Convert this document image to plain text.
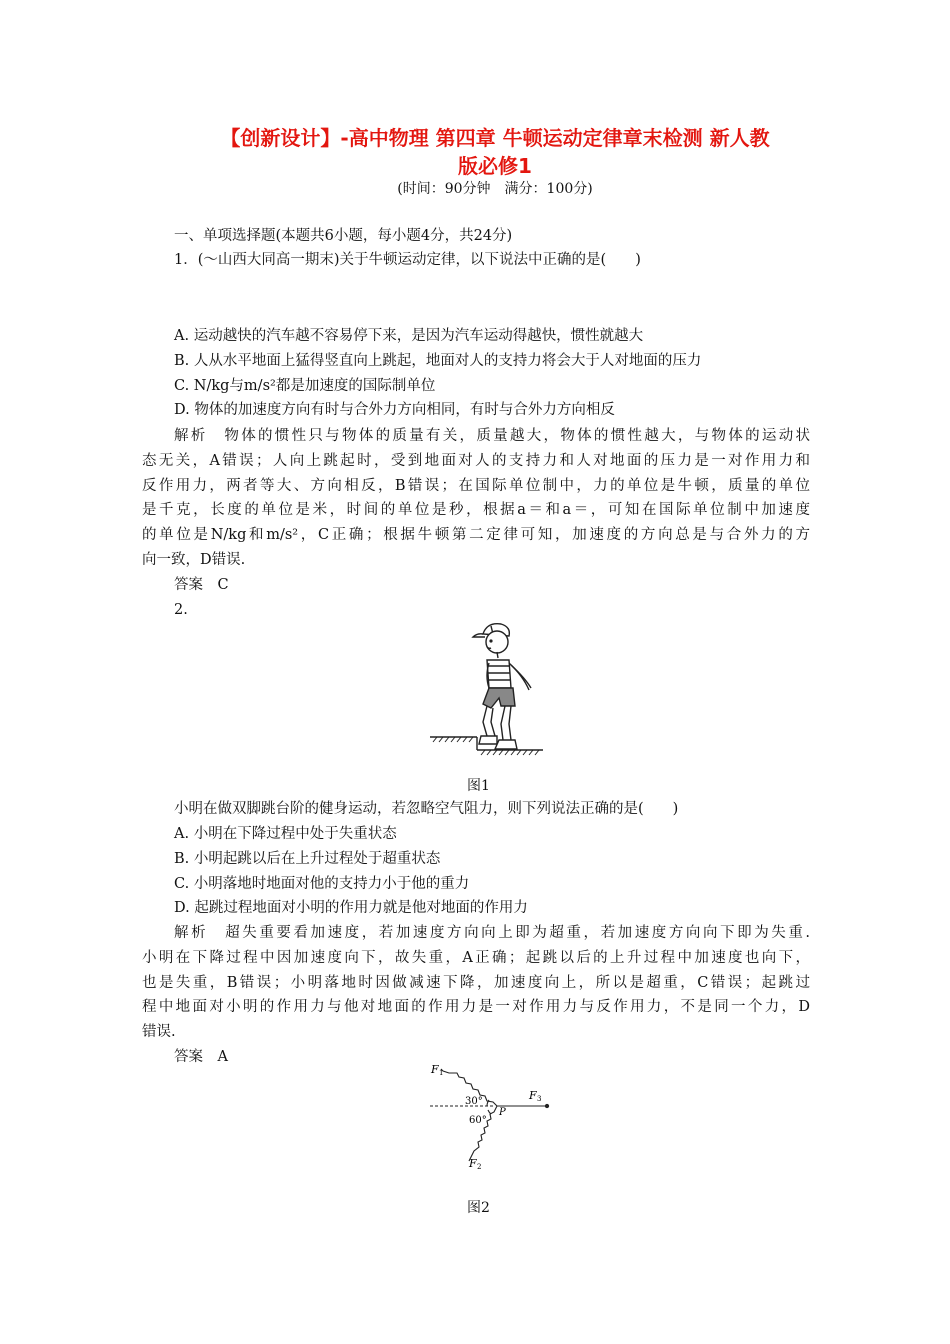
【创新设计】-高中物理 第四章 牛顿运动定律章末检测 新人教
版必修1
(时间：90分钟　满分：100分)
一、单项选择题(本题共6小题，每小题4分，共24分)
1．(～山西大同高一期末)关于牛顿运动定律，以下说法中正确的是(　　)
A. 运动越快的汽车越不容易停下来，是因为汽车运动得越快，惯性就越大
B. 人从水平地面上猛得竖直向上跳起，地面对人的支持力将会大于人对地面的压力
C. N/kg与m/s²都是加速度的国际制单位
D. 物体的加速度方向有时与合外力方向相同，有时与合外力方向相反
解析　物体的惯性只与物体的质量有关，质量越大，物体的惯性越大，与物体的运动状
态无关，A错误；人向上跳起时，受到地面对人的支持力和人对地面的压力是一对作用力和
反作用力，两者等大、方向相反，B错误；在国际单位制中，力的单位是牛顿，质量的单位
是千克，长度的单位是米，时间的单位是秒，根据a＝和a＝，可知在国际单位制中加速度
的单位是N/kg和m/s²，C正确；根据牛顿第二定律可知，加速度的方向总是与合外力的方
向一致，D错误.
答案　C
2.
图1
小明在做双脚跳台阶的健身运动，若忽略空气阻力，则下列说法正确的是(　　)
A. 小明在下降过程中处于失重状态
B. 小明起跳以后在上升过程处于超重状态
C. 小明落地时地面对他的支持力小于他的重力
D. 起跳过程地面对小明的作用力就是他对地面的作用力
解析　超失重要看加速度，若加速度方向向上即为超重，若加速度方向向下即为失重.
小明在下降过程中因加速度向下，故失重，A正确；起跳以后的上升过程中加速度也向下，
也是失重，B错误；小明落地时因做减速下降，加速度向上，所以是超重，C错误；起跳过
程中地面对小明的作用力与他对地面的作用力是一对作用力与反作用力，不是同一个力，D
错误.
答案　A
F 1
F 3
F 2
P
30°
60°
图2
